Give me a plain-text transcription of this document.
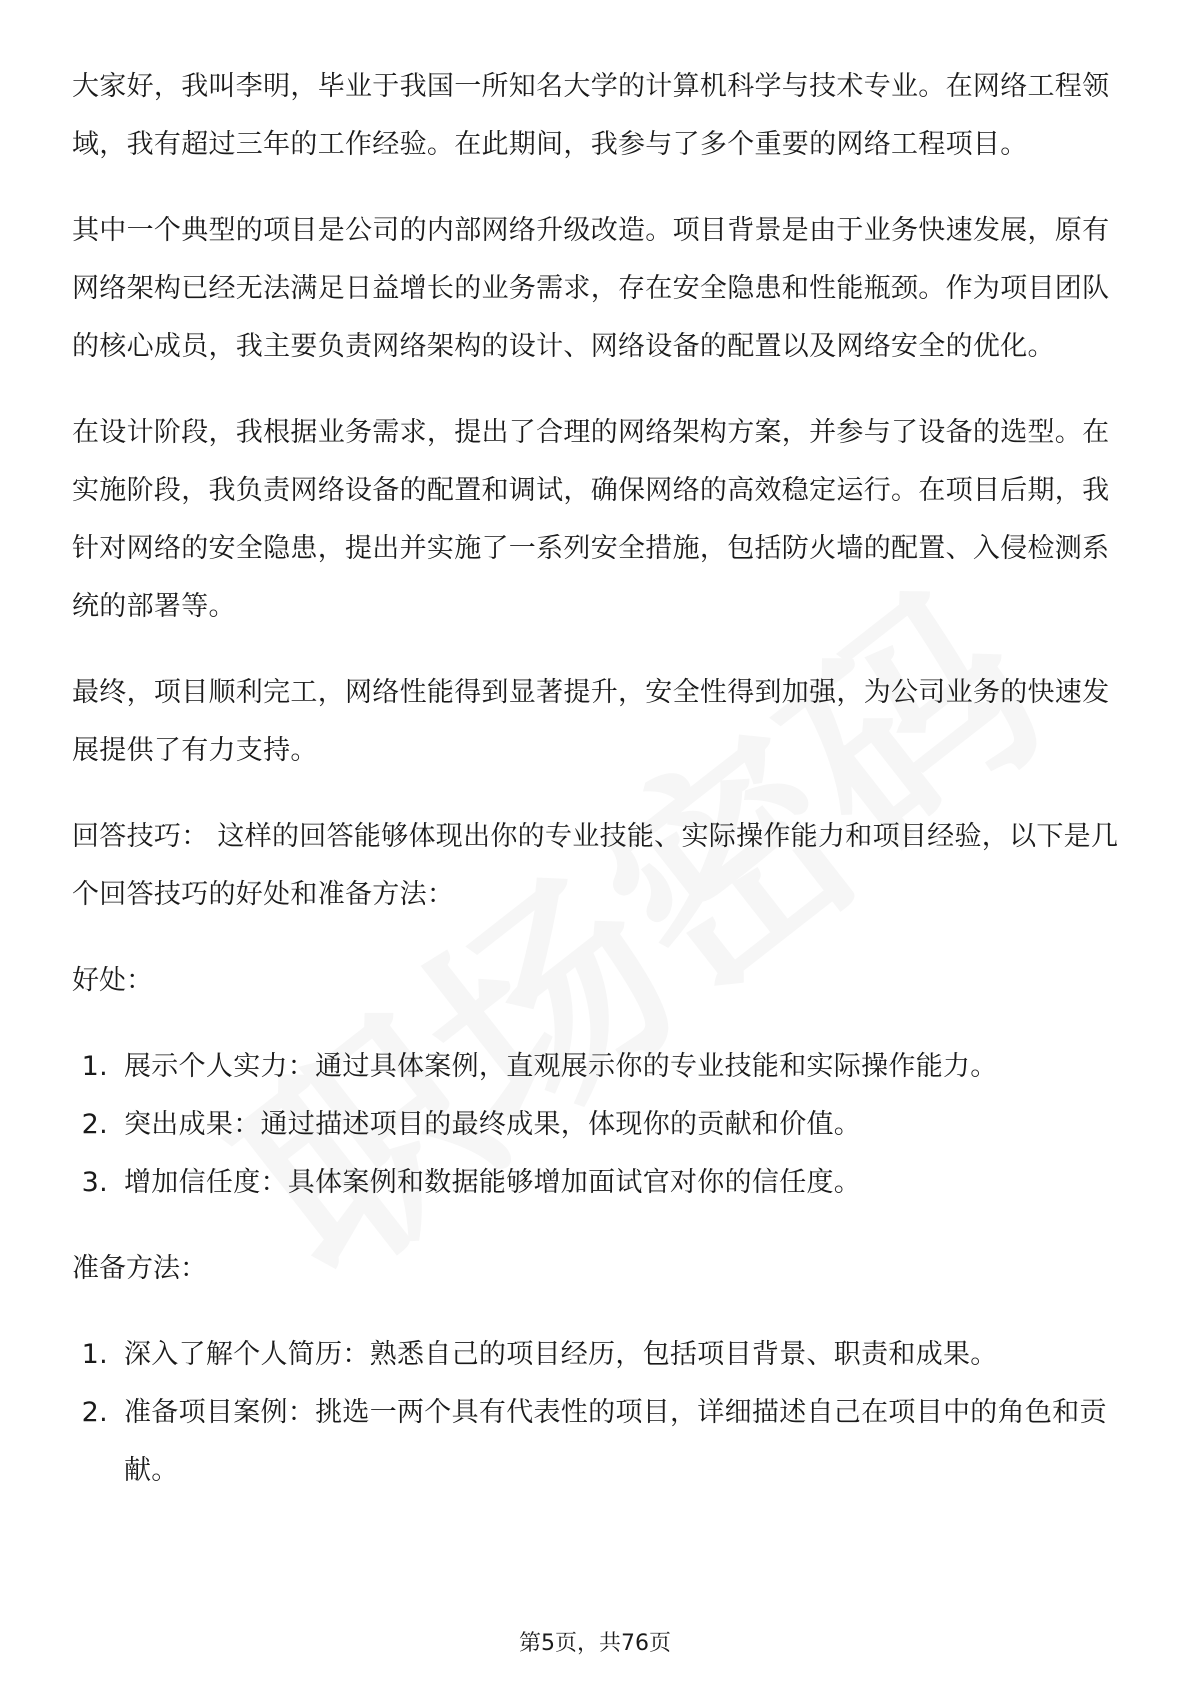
大家好，我叫李明，毕业于我国一所知名大学的计算机科学与技术专业。在网络工程领域，我有超过三年的工作经验。在此期间，我参与了多个重要的网络工程项目。

其中一个典型的项目是公司的内部网络升级改造。项目背景是由于业务快速发展，原有网络架构已经无法满足日益增长的业务需求，存在安全隐患和性能瓶颈。作为项目团队的核心成员，我主要负责网络架构的设计、网络设备的配置以及网络安全的优化。

在设计阶段，我根据业务需求，提出了合理的网络架构方案，并参与了设备的选型。在实施阶段，我负责网络设备的配置和调试，确保网络的高效稳定运行。在项目后期，我针对网络的安全隐患，提出并实施了一系列安全措施，包括防火墙的配置、入侵检测系统的部署等。

最终，项目顺利完工，网络性能得到显著提升，安全性得到加强，为公司业务的快速发展提供了有力支持。

回答技巧： 这样的回答能够体现出你的专业技能、实际操作能力和项目经验，以下是几个回答技巧的好处和准备方法：

好处：

1. 展示个人实力：通过具体案例，直观展示你的专业技能和实际操作能力。
2. 突出成果：通过描述项目的最终成果，体现你的贡献和价值。
3. 增加信任度：具体案例和数据能够增加面试官对你的信任度。

准备方法：

1. 深入了解个人简历：熟悉自己的项目经历，包括项目背景、职责和成果。
2. 准备项目案例：挑选一两个具有代表性的项目，详细描述自己在项目中的角色和贡献。
第5页，共76页
